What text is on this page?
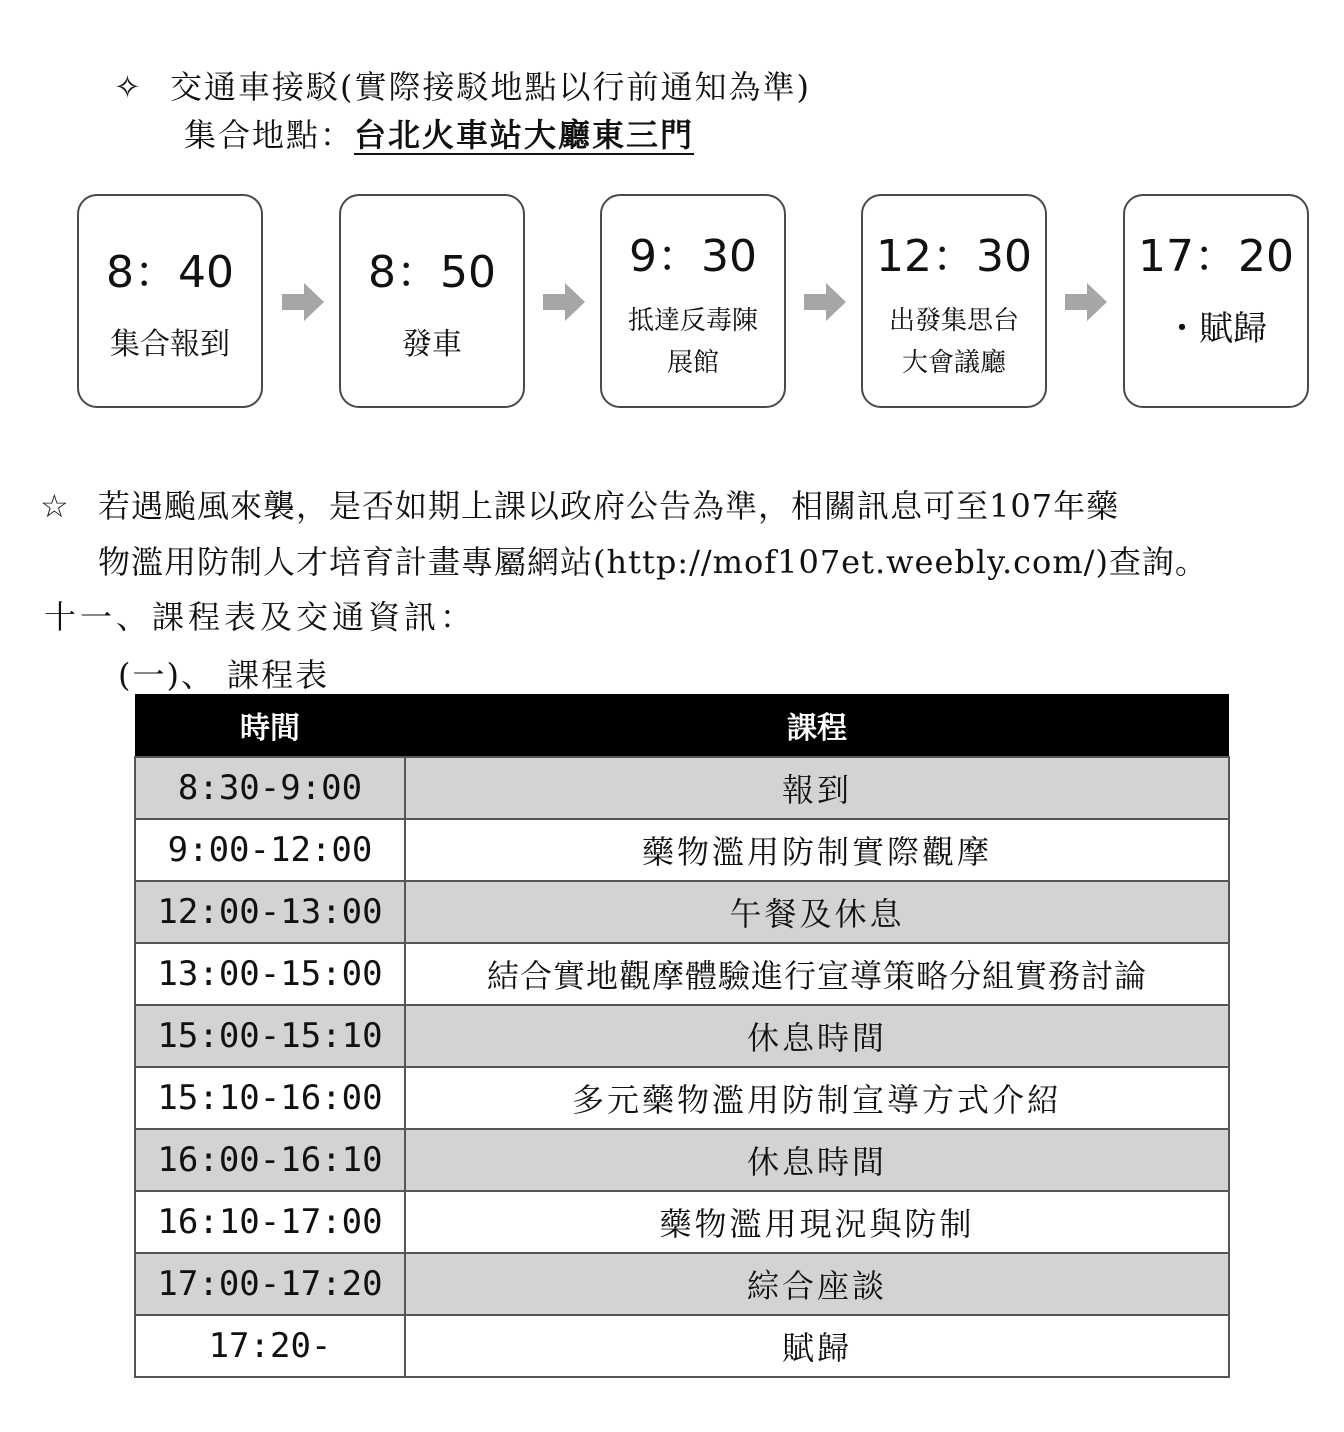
✧ 交通車接駁(實際接駁地點以行前通知為準)
集合地點：台北火車站大廳東三門
8：40
集合報到
8：50
發車
9：30
抵達反毒陳
展館
12：30
出發集思台
大會議廳
17：20
・賦歸
☆ 若遇颱風來襲，是否如期上課以政府公告為準，相關訊息可至107年藥
物濫用防制人才培育計畫專屬網站(http://mof107et.weebly.com/)查詢。
十一、課程表及交通資訊：
(一)、 課程表
時間	課程
8:30-9:00	報到
9:00-12:00	藥物濫用防制實際觀摩
12:00-13:00	午餐及休息
13:00-15:00	結合實地觀摩體驗進行宣導策略分組實務討論
15:00-15:10	休息時間
15:10-16:00	多元藥物濫用防制宣導方式介紹
16:00-16:10	休息時間
16:10-17:00	藥物濫用現況與防制
17:00-17:20	綜合座談
17:20-	賦歸
